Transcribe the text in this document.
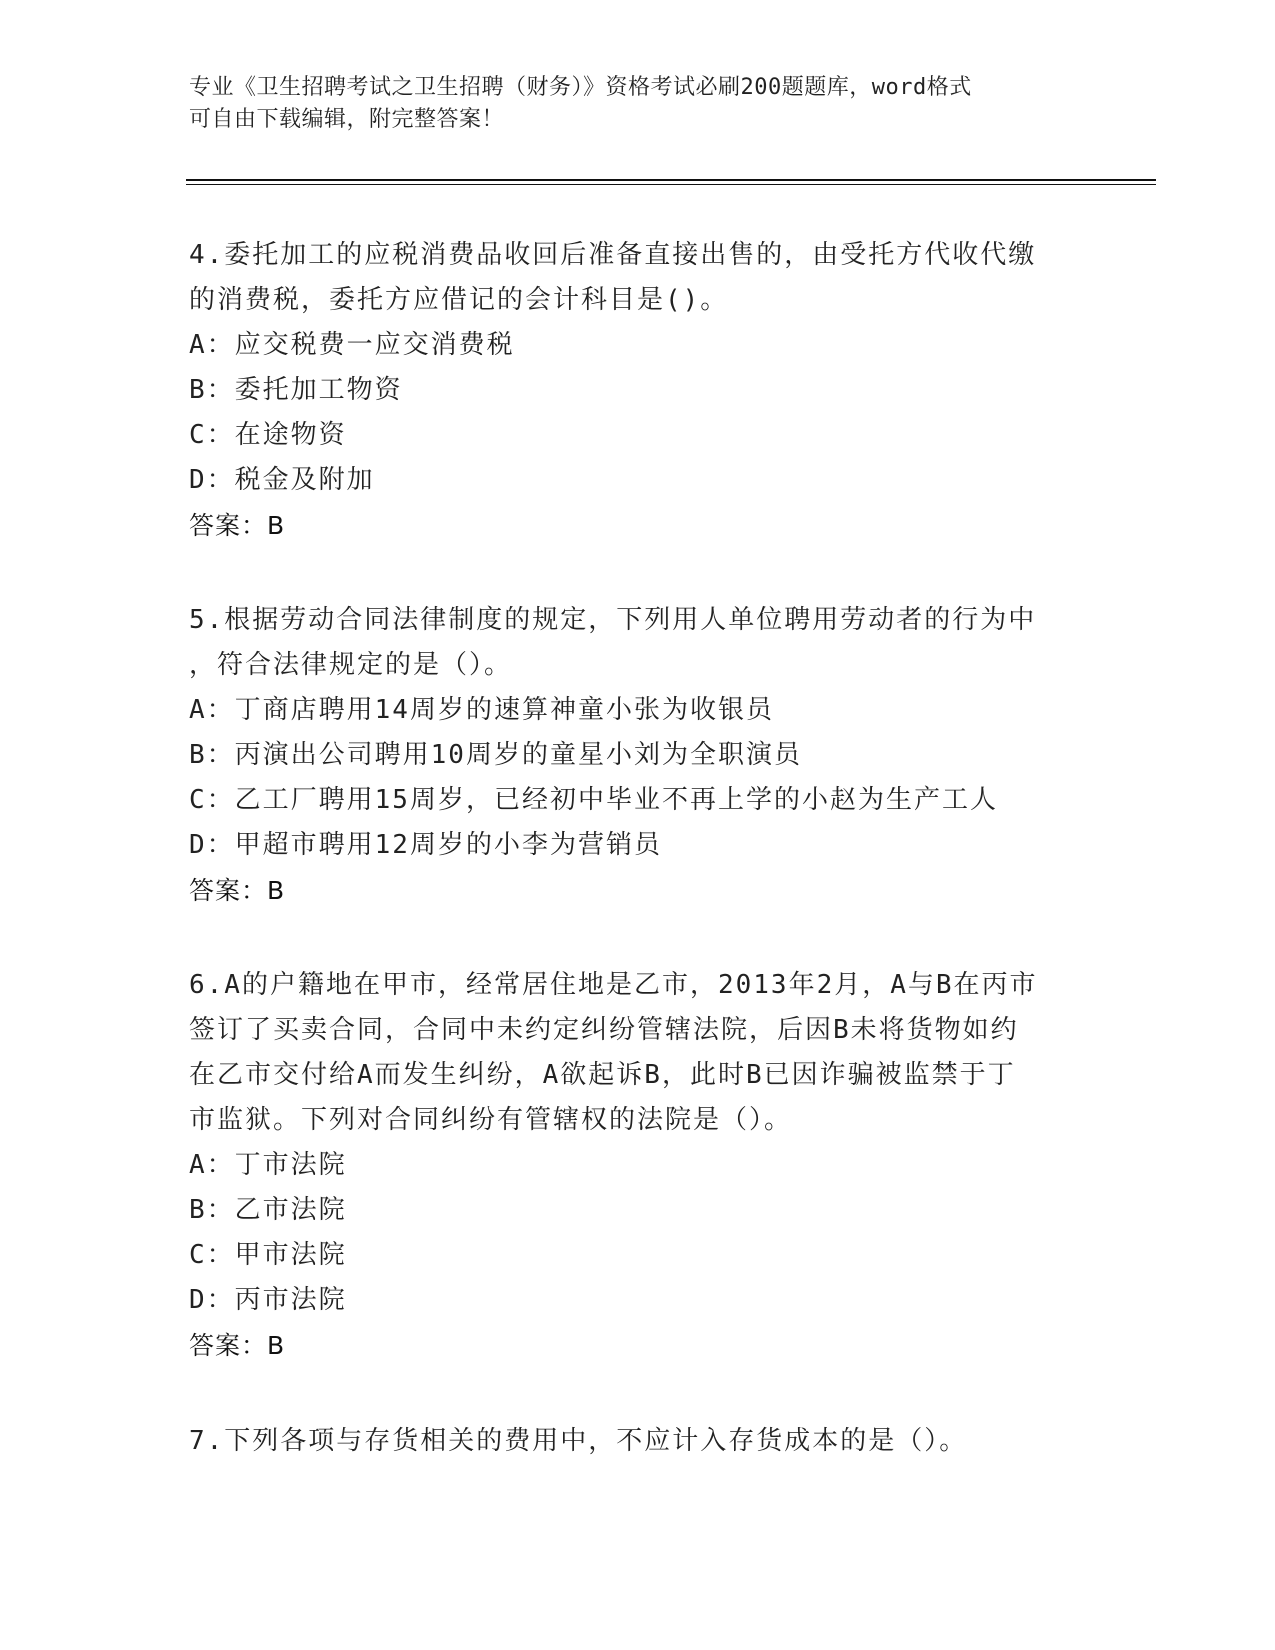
专业《卫生招聘考试之卫生招聘（财务）》资格考试必刷200题题库，word格式
可自由下载编辑，附完整答案！
4.委托加工的应税消费品收回后准备直接出售的，由受托方代收代缴
的消费税，委托方应借记的会计科目是()。
A：应交税费一应交消费税
B：委托加工物资
C：在途物资
D：税金及附加
答案：B
5.根据劳动合同法律制度的规定，下列用人单位聘用劳动者的行为中
，符合法律规定的是（）。
A：丁商店聘用14周岁的速算神童小张为收银员
B：丙演出公司聘用10周岁的童星小刘为全职演员
C：乙工厂聘用15周岁，已经初中毕业不再上学的小赵为生产工人
D：甲超市聘用12周岁的小李为营销员
答案：B
6.A的户籍地在甲市，经常居住地是乙市，2013年2月，A与B在丙市
签订了买卖合同，合同中未约定纠纷管辖法院，后因B未将货物如约
在乙市交付给A而发生纠纷，A欲起诉B，此时B已因诈骗被监禁于丁
市监狱。下列对合同纠纷有管辖权的法院是（）。
A：丁市法院
B：乙市法院
C：甲市法院
D：丙市法院
答案：B
7.下列各项与存货相关的费用中，不应计入存货成本的是（）。
